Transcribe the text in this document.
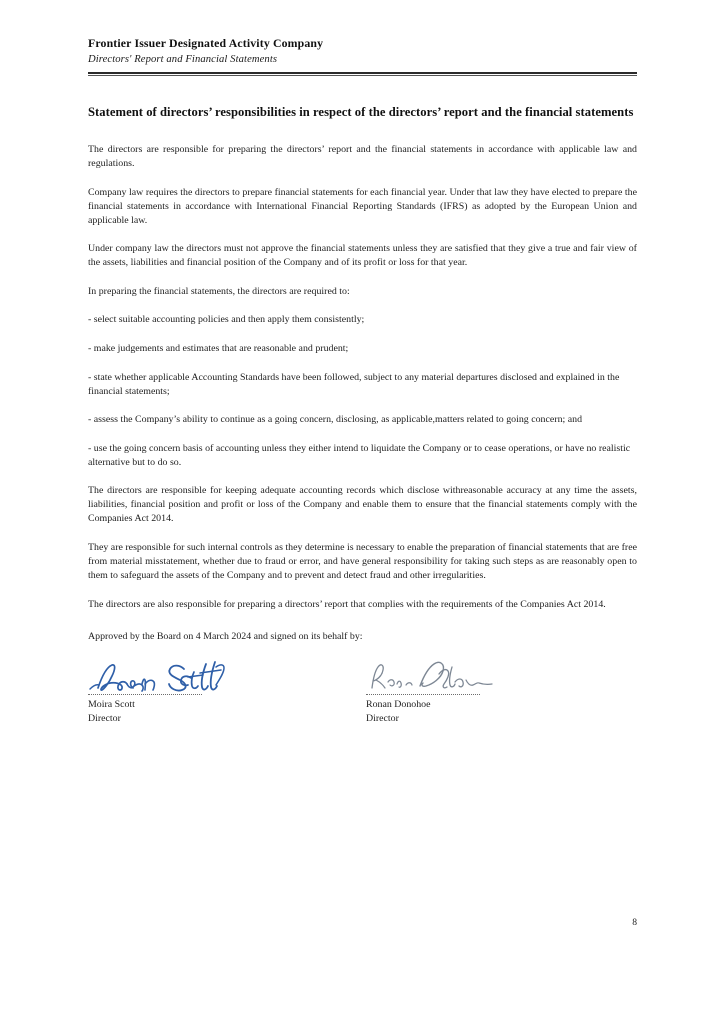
Frontier Issuer Designated Activity Company
Directors' Report and Financial Statements
Statement of directors’ responsibilities in respect of the directors’ report and the financial statements

The directors are responsible for preparing the directors’ report and the financial statements in accordance with applicable law and regulations.

Company law requires the directors to prepare financial statements for each financial year. Under that law they have elected to prepare the financial statements in accordance with International Financial Reporting Standards (IFRS) as adopted by the European Union and applicable law.

Under company law the directors must not approve the financial statements unless they are satisfied that they give a true and fair view of the assets, liabilities and financial position of the Company and of its profit or loss for that year.

In preparing the financial statements, the directors are required to:

- select suitable accounting policies and then apply them consistently;

- make judgements and estimates that are reasonable and prudent;

- state whether applicable Accounting Standards have been followed, subject to any material departures disclosed and explained in the financial statements;

- assess the Company’s ability to continue as a going concern, disclosing, as applicable,matters related to going concern; and

- use the going concern basis of accounting unless they either intend to liquidate the Company or to cease operations, or have no realistic alternative but to do so.

The directors are responsible for keeping adequate accounting records which disclose withreasonable accuracy at any time the assets, liabilities, financial position and profit or loss of the Company and enable them to ensure that the financial statements comply with the Companies Act 2014.

They are responsible for such internal controls as they determine is necessary to enable the preparation of financial statements that are free from material misstatement, whether due to fraud or error, and have general responsibility for taking such steps as are reasonably open to them to safeguard the assets of the Company and to prevent and detect fraud and other irregularities.

The directors are also responsible for preparing a directors’ report that complies with the requirements of the Companies Act 2014.

Approved by the Board on 4 March 2024 and signed on its behalf by:
Moira Scott
Director
Ronan Donohoe
Director
8
